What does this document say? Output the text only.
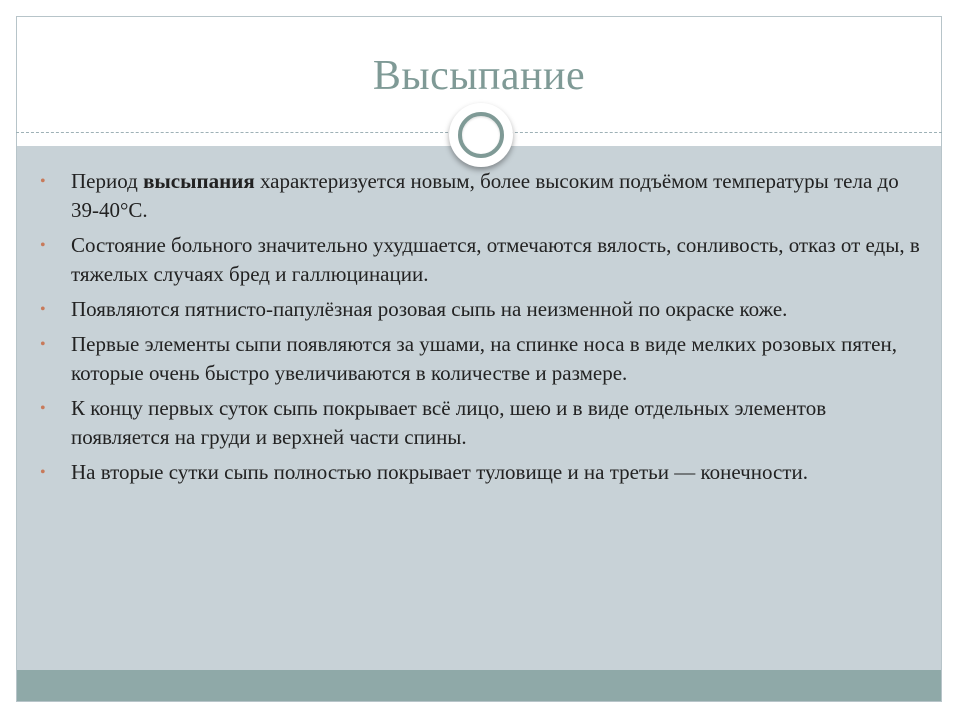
Высыпание
• Период высыпания характеризуется новым, более высоким подъёмом температуры тела до 39-40°С.
• Состояние больного значительно ухудшается, отмечаются вялость, сонливость, отказ от еды, в тяжелых случаях бред и галлюцинации.
• Появляются пятнисто-папулёзная розовая сыпь на неизменной по окраске коже.
• Первые элементы сыпи появляются за ушами, на спинке носа в виде мелких розовых пятен, которые очень быстро увеличиваются в количестве и размере.
• К концу первых суток сыпь покрывает всё лицо, шею и в виде отдельных элементов появляется на груди и верхней части спины.
• На вторые сутки сыпь полностью покрывает туловище и на третьи — конечности.
